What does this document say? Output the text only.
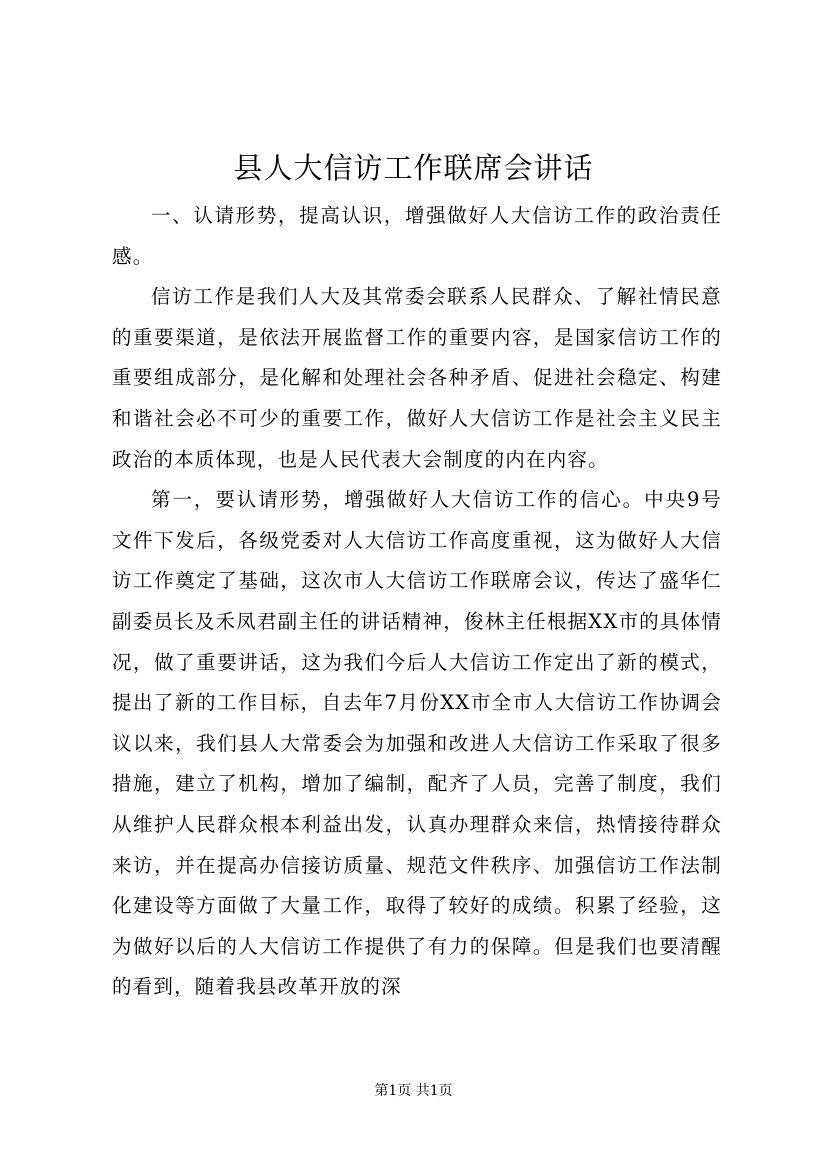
县人大信访工作联席会讲话

一、认请形势，提高认识，增强做好人大信访工作的政治责任感。

信访工作是我们人大及其常委会联系人民群众、了解社情民意的重要渠道，是依法开展监督工作的重要内容，是国家信访工作的重要组成部分，是化解和处理社会各种矛盾、促进社会稳定、构建和谐社会必不可少的重要工作，做好人大信访工作是社会主义民主政治的本质体现，也是人民代表大会制度的内在内容。

第一，要认请形势，增强做好人大信访工作的信心。中央9号文件下发后，各级党委对人大信访工作高度重视，这为做好人大信访工作奠定了基础，这次市人大信访工作联席会议，传达了盛华仁副委员长及禾凤君副主任的讲话精神，俊林主任根据XX市的具体情况，做了重要讲话，这为我们今后人大信访工作定出了新的模式，提出了新的工作目标，自去年7月份XX市全市人大信访工作协调会议以来，我们县人大常委会为加强和改进人大信访工作采取了很多措施，建立了机构，增加了编制，配齐了人员，完善了制度，我们从维护人民群众根本利益出发，认真办理群众来信，热情接待群众来访，并在提高办信接访质量、规范文件秩序、加强信访工作法制化建设等方面做了大量工作，取得了较好的成绩。积累了经验，这为做好以后的人大信访工作提供了有力的保障。但是我们也要清醒的看到，随着我县改革开放的深

第1页 共1页
